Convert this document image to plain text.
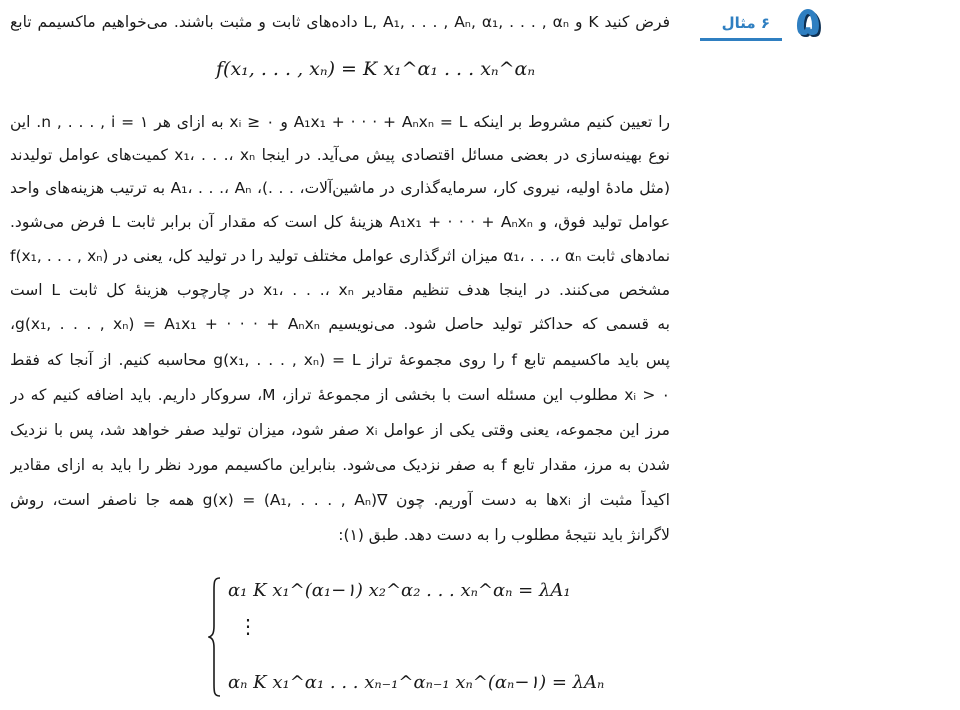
۶ مثال ۵
فرض کنید K و L, A₁, . . . , Aₙ, α₁, . . . , αₙ داده‌های ثابت و مثبت باشند. می‌خواهیم ماکسیمم تابع
f(x₁, . . . , xₙ) = K x₁^α₁ . . . xₙ^αₙ
را تعیین کنیم مشروط بر اینکه A₁x₁ + · · · + Aₙxₙ = L و xᵢ ≥ ۰ به ازای هر n , . . . , i = ۱. این
نوع بهینه‌سازی در بعضی مسائل اقتصادی پیش می‌آید. در اینجا x₁، . . .، xₙ کمیت‌های عوامل تولیدند
(مثل مادهٔ اولیه، نیروی کار، سرمایه‌گذاری در ماشین‌آلات، . . .)، A₁، . . .، Aₙ به ترتیب هزینه‌های واحد
عوامل تولید فوق، و A₁x₁ + · · · + Aₙxₙ هزینهٔ کل است که مقدار آن برابر ثابت L فرض می‌شود.
نمادهای ثابت α₁، . . .، αₙ میزان اثرگذاری عوامل مختلف تولید را در تولید کل، یعنی در f(x₁, . . . , xₙ)
مشخص می‌کنند. در اینجا هدف تنظیم مقادیر x₁، . . .، xₙ در چارچوب هزینهٔ کل ثابت L است
به قسمی که حداکثر تولید حاصل شود. می‌نویسیم g(x₁, . . . , xₙ) = A₁x₁ + · · · + Aₙxₙ،
پس باید ماکسیمم تابع f را روی مجموعهٔ تراز g(x₁, . . . , xₙ) = L محاسبه کنیم. از آنجا که فقط
xᵢ > ۰ مطلوب این مسئله است با بخشی از مجموعهٔ تراز، M، سروکار داریم. باید اضافه کنیم که در
مرز این مجموعه، یعنی وقتی یکی از عوامل xᵢ صفر شود، میزان تولید صفر خواهد شد، پس با نزدیک
شدن به مرز، مقدار تابع f به صفر نزدیک می‌شود. بنابراین ماکسیمم مورد نظر را باید به ازای مقادیر
اکیداً مثبت از xᵢها به دست آوریم. چون ∇g(x) = (A₁, . . . , Aₙ) همه جا ناصفر است، روش
لاگرانژ باید نتیجهٔ مطلوب را به دست دهد. طبق (۱):
α₁ K x₁^(α₁−۱) x₂^α₂ . . . xₙ^αₙ = λA₁
⋮
αₙ K x₁^α₁ . . . xₙ₋₁^αₙ₋₁ xₙ^(αₙ−۱) = λAₙ
